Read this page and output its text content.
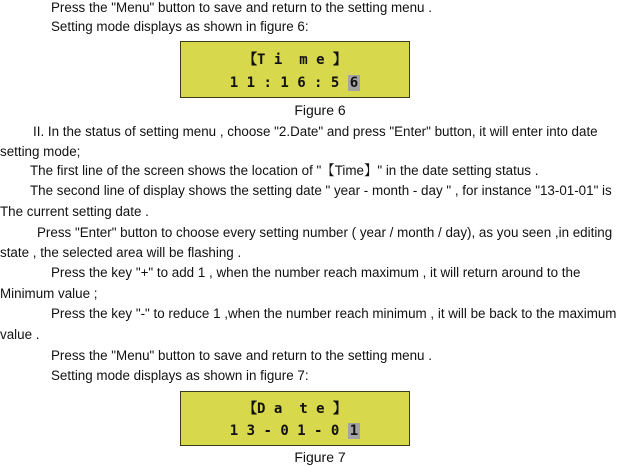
Press the "Menu" button to save and return to the setting menu .
Setting mode displays as shown in figure 6:
【T i  m e 】
1 1 : 1 6 : 5 6
Figure 6
II. In the status of setting menu , choose "2.Date" and press "Enter" button, it will enter into date
setting mode;
The first line of the screen shows the location of "【Time】" in the date setting status .
The second line of display shows the setting date " year - month - day " , for instance "13-01-01" is
The current setting date .
Press "Enter" button to choose every setting number ( year / month / day), as you seen ,in editing
state , the selected area will be flashing .
Press the key "+" to add 1 , when the number reach maximum , it will return around to the
Minimum value ;
Press the key "-" to reduce 1 ,when the number reach minimum , it will be back to the maximum
value .
Press the "Menu" button to save and return to the setting menu .
Setting mode displays as shown in figure 7:
【D a  t e 】
1 3 - 0 1 - 0 1
Figure 7
